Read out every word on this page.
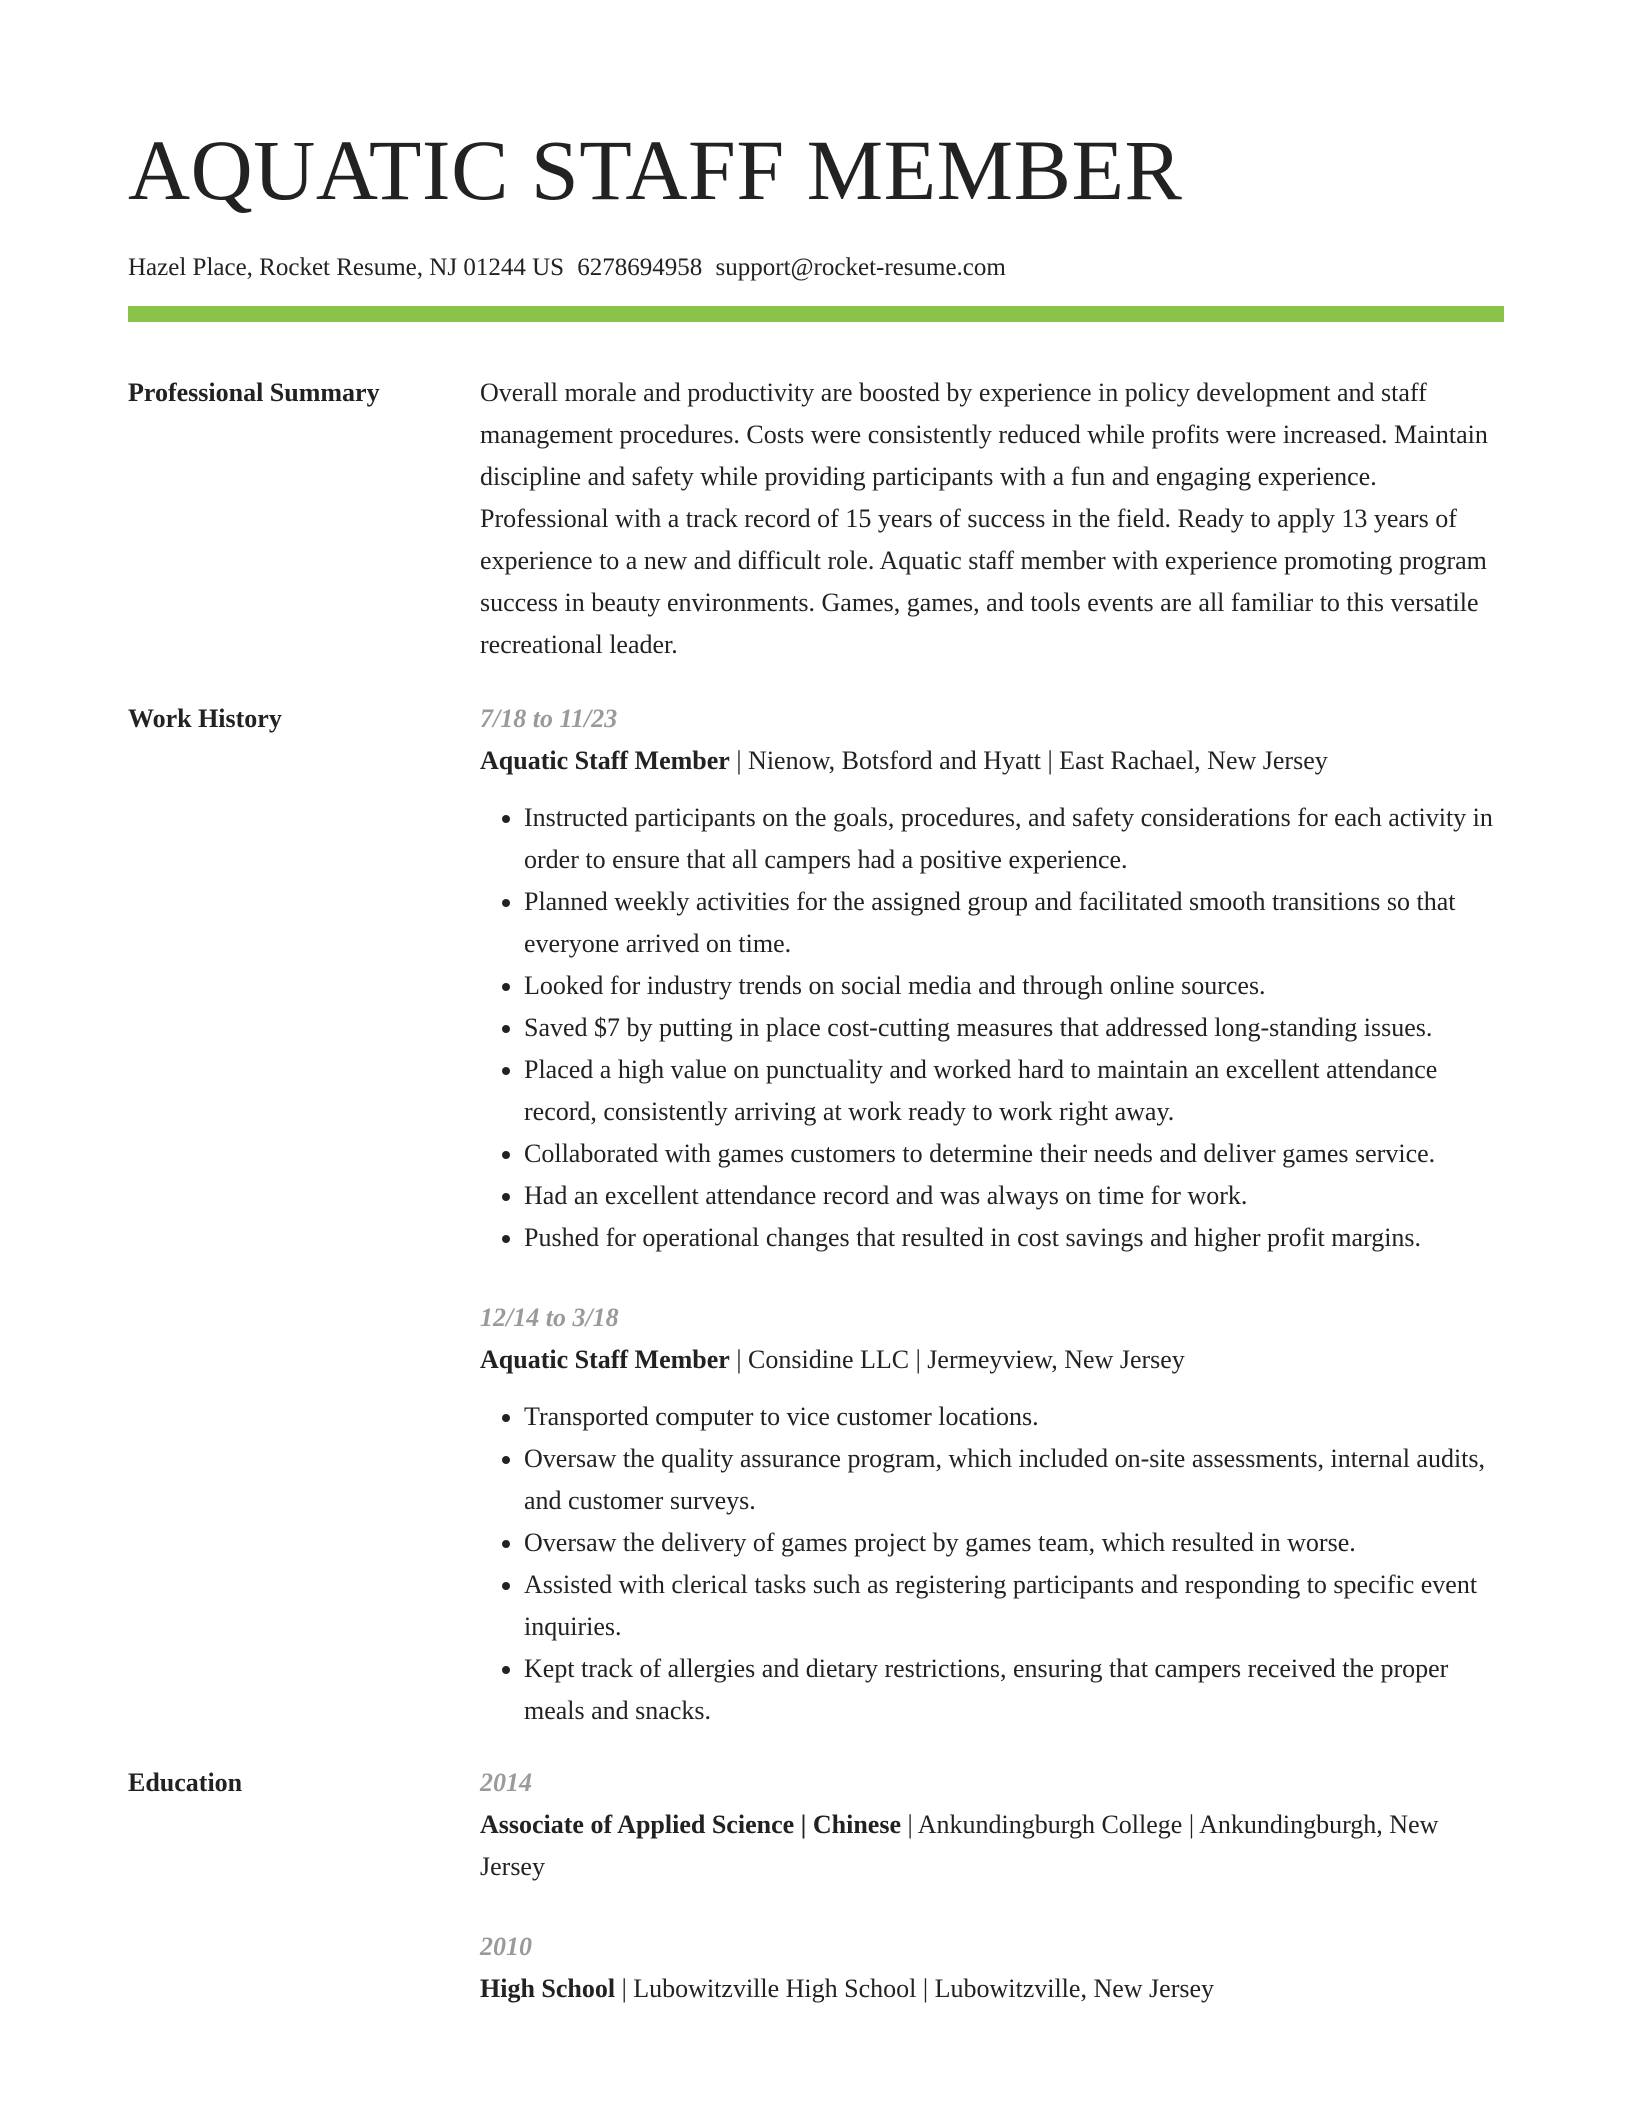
AQUATIC STAFF MEMBER
Hazel Place, Rocket Resume, NJ 01244 US 6278694958 support@rocket-resume.com
Professional Summary	Overall morale and productivity are boosted by experience in policy development and staff management procedures. Costs were consistently reduced while profits were increased. Maintain discipline and safety while providing participants with a fun and engaging experience. Professional with a track record of 15 years of success in the field. Ready to apply 13 years of experience to a new and difficult role. Aquatic staff member with experience promoting program success in beauty environments. Games, games, and tools events are all familiar to this versatile recreational leader.

Work History	7/18 to 11/23
Aquatic Staff Member | Nienow, Botsford and Hyatt | East Rachael, New Jersey
• Instructed participants on the goals, procedures, and safety considerations for each activity in order to ensure that all campers had a positive experience.
• Planned weekly activities for the assigned group and facilitated smooth transitions so that everyone arrived on time.
• Looked for industry trends on social media and through online sources.
• Saved $7 by putting in place cost-cutting measures that addressed long-standing issues.
• Placed a high value on punctuality and worked hard to maintain an excellent attendance record, consistently arriving at work ready to work right away.
• Collaborated with games customers to determine their needs and deliver games service.
• Had an excellent attendance record and was always on time for work.
• Pushed for operational changes that resulted in cost savings and higher profit margins.
12/14 to 3/18
Aquatic Staff Member | Considine LLC | Jermeyview, New Jersey
• Transported computer to vice customer locations.
• Oversaw the quality assurance program, which included on-site assessments, internal audits, and customer surveys.
• Oversaw the delivery of games project by games team, which resulted in worse.
• Assisted with clerical tasks such as registering participants and responding to specific event inquiries.
• Kept track of allergies and dietary restrictions, ensuring that campers received the proper meals and snacks.
Education	2014
Associate of Applied Science | Chinese | Ankundingburgh College | Ankundingburgh, New Jersey
2010
High School | Lubowitzville High School | Lubowitzville, New Jersey
